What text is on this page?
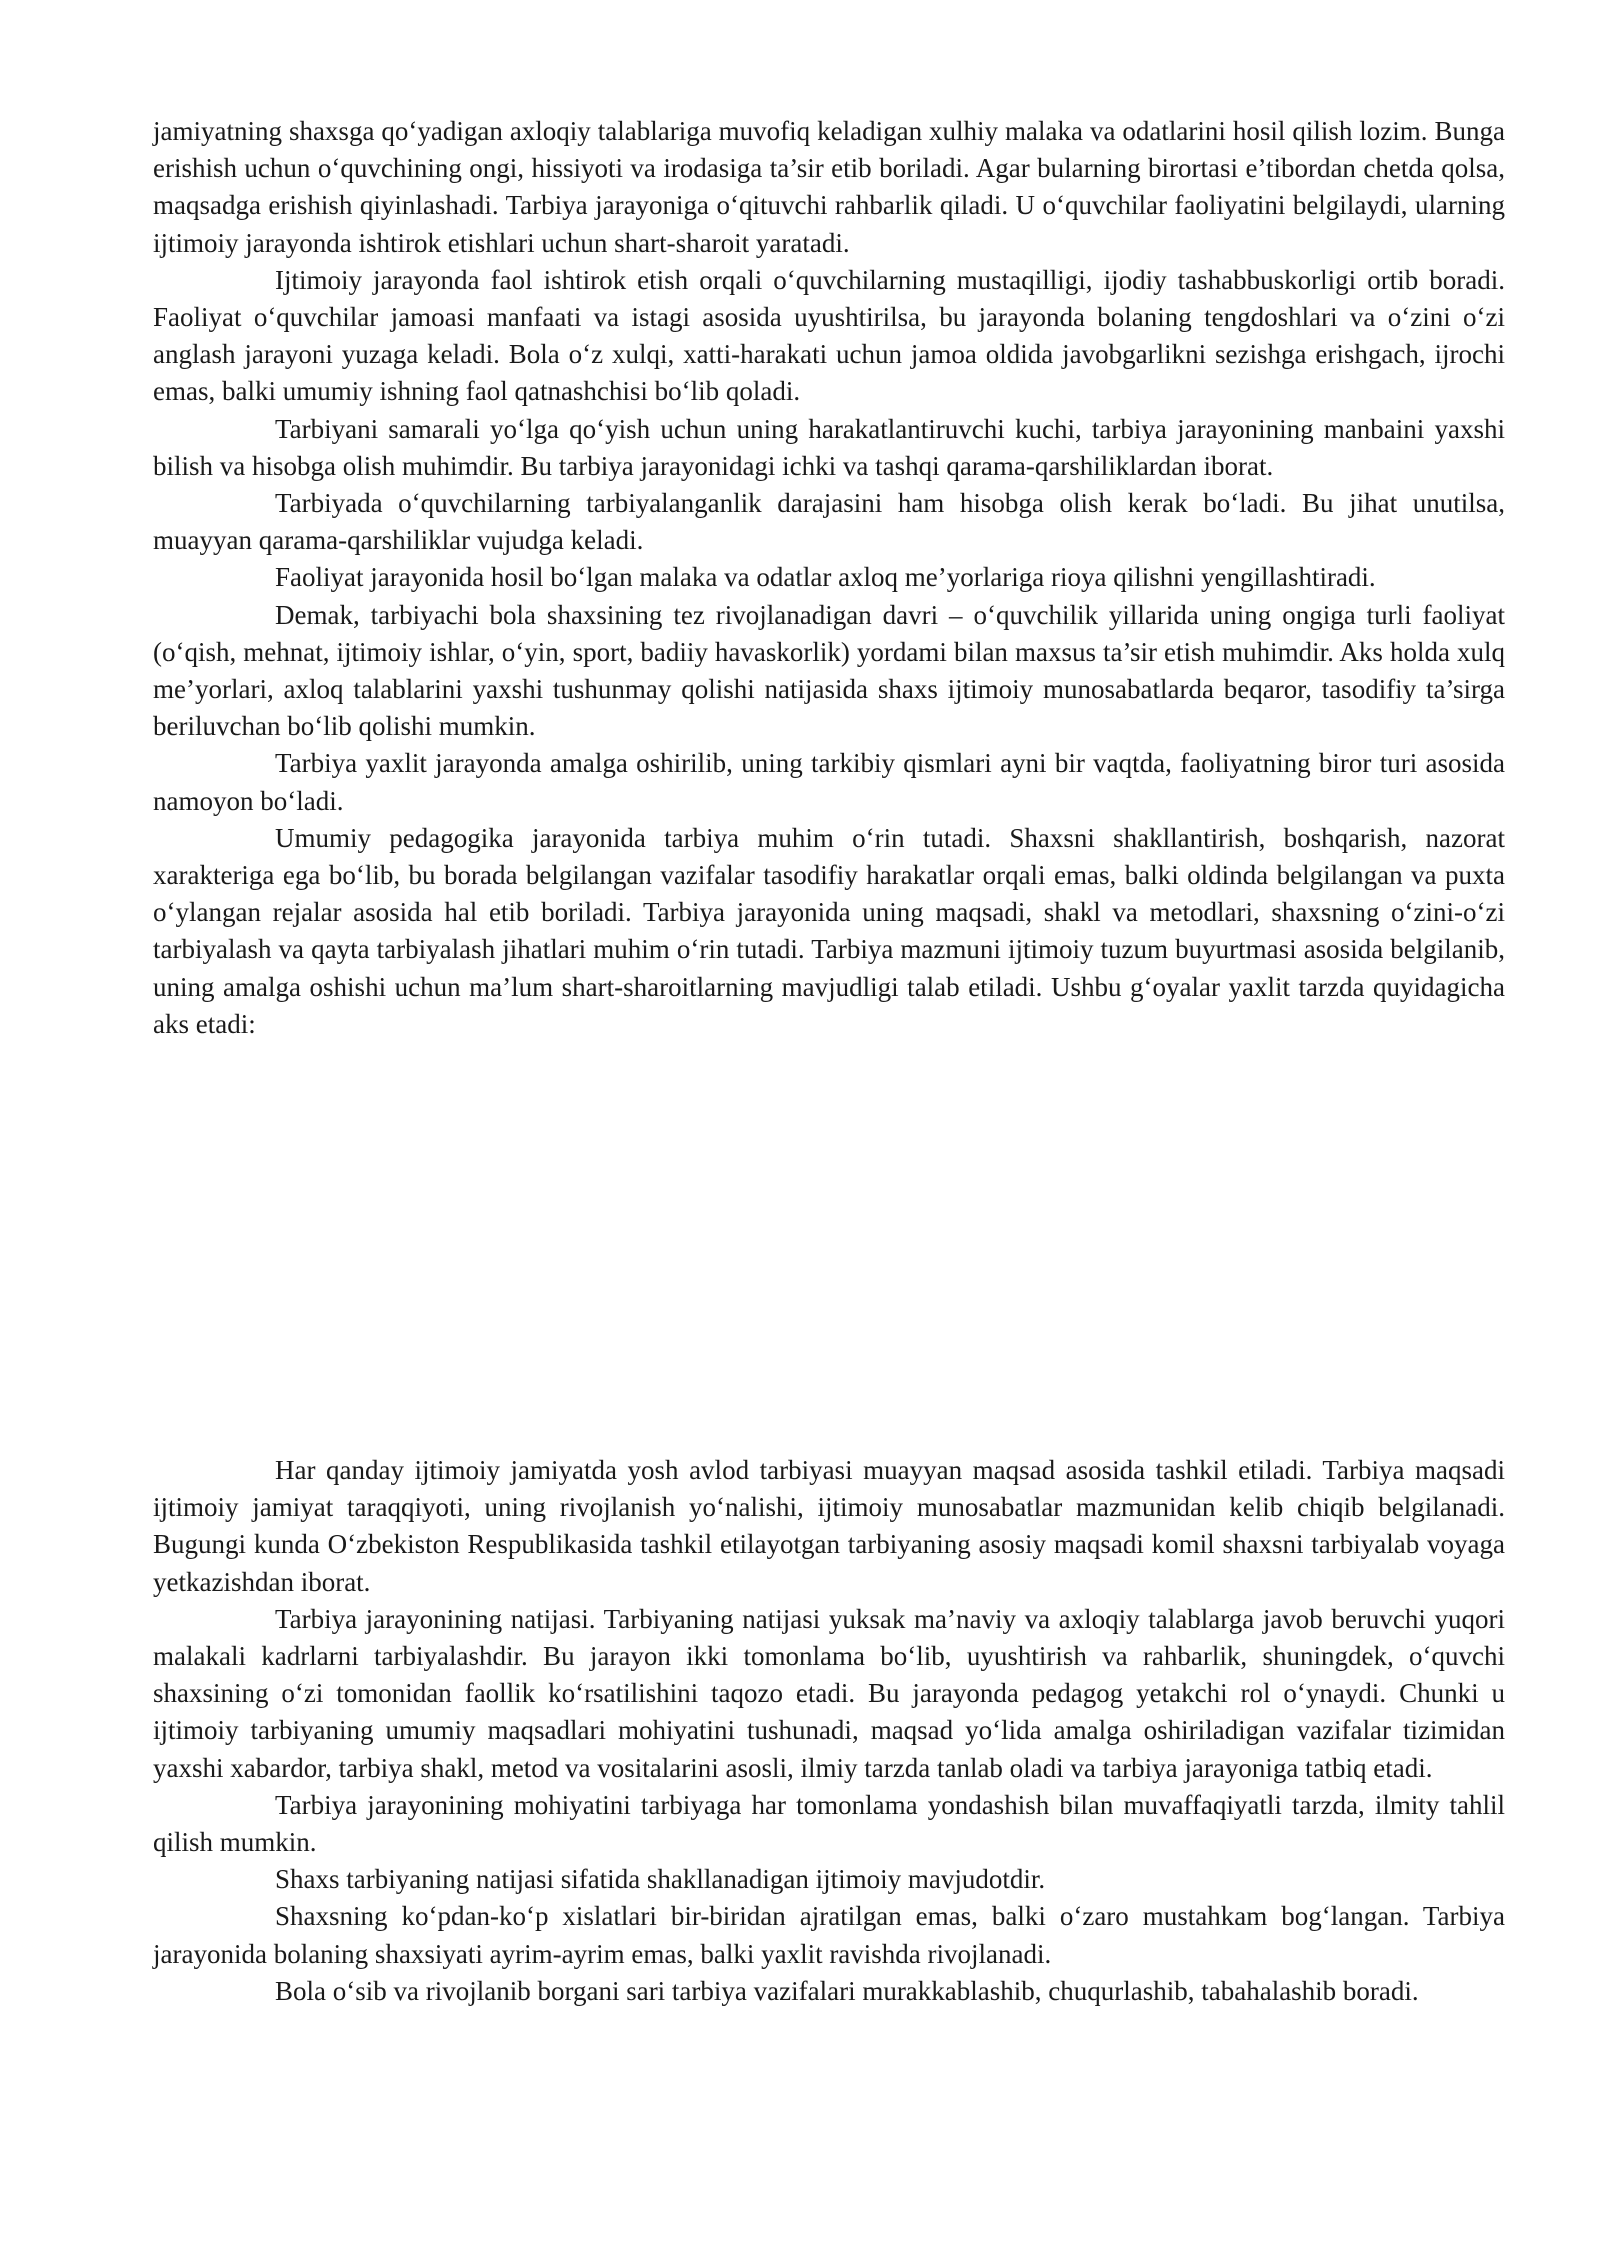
jamiyatning shaxsga qo‘yadigan axloqiy talablariga muvofiq keladigan xulhiy malaka va odatlarini hosil qilish lozim. Bunga erishish uchun o‘quvchining ongi, hissiyoti va irodasiga ta’sir etib boriladi. Agar bularning birortasi e’tibordan chetda qolsa, maqsadga erishish qiyinlashadi. Tarbiya jarayoniga o‘qituvchi rahbarlik qiladi. U o‘quvchilar faoliyatini belgilaydi, ularning ijtimoiy jarayonda ishtirok etishlari uchun shart-sharoit yaratadi.

Ijtimoiy jarayonda faol ishtirok etish orqali o‘quvchilarning mustaqilligi, ijodiy tashabbuskorligi ortib boradi. Faoliyat o‘quvchilar jamoasi manfaati va istagi asosida uyushtirilsa, bu jarayonda bolaning tengdoshlari va o‘zini o‘zi anglash jarayoni yuzaga keladi. Bola o‘z xulqi, xatti-harakati uchun jamoa oldida javobgarlikni sezishga erishgach, ijrochi emas, balki umumiy ishning faol qatnashchisi bo‘lib qoladi.

Tarbiyani samarali yo‘lga qo‘yish uchun uning harakatlantiruvchi kuchi, tarbiya jarayonining manbaini yaxshi bilish va hisobga olish muhimdir. Bu tarbiya jarayonidagi ichki va tashqi qarama-qarshiliklardan iborat.

Tarbiyada o‘quvchilarning tarbiyalanganlik darajasini ham hisobga olish kerak bo‘ladi. Bu jihat unutilsa, muayyan qarama-qarshiliklar vujudga keladi.

Faoliyat jarayonida hosil bo‘lgan malaka va odatlar axloq me’yorlariga rioya qilishni yengillashtiradi.

Demak, tarbiyachi bola shaxsining tez rivojlanadigan davri – o‘quvchilik yillarida uning ongiga turli faoliyat (o‘qish, mehnat, ijtimoiy ishlar, o‘yin, sport, badiiy havaskorlik) yordami bilan maxsus ta’sir etish muhimdir. Aks holda xulq me’yorlari, axloq talablarini yaxshi tushunmay qolishi natijasida shaxs ijtimoiy munosabatlarda beqaror, tasodifiy ta’sirga beriluvchan bo‘lib qolishi mumkin.

Tarbiya yaxlit jarayonda amalga oshirilib, uning tarkibiy qismlari ayni bir vaqtda, faoliyatning biror turi asosida namoyon bo‘ladi.

Umumiy pedagogika jarayonida tarbiya muhim o‘rin tutadi. Shaxsni shakllantirish, boshqarish, nazorat xarakteriga ega bo‘lib, bu borada belgilangan vazifalar tasodifiy harakatlar orqali emas, balki oldinda belgilangan va puxta o‘ylangan rejalar asosida hal etib boriladi. Tarbiya jarayonida uning maqsadi, shakl va metodlari, shaxsning o‘zini-o‘zi tarbiyalash va qayta tarbiyalash jihatlari muhim o‘rin tutadi. Tarbiya mazmuni ijtimoiy tuzum buyurtmasi asosida belgilanib, uning amalga oshishi uchun ma’lum shart-sharoitlarning mavjudligi talab etiladi. Ushbu g‘oyalar yaxlit tarzda quyidagicha aks etadi:

Har qanday ijtimoiy jamiyatda yosh avlod tarbiyasi muayyan maqsad asosida tashkil etiladi. Tarbiya maqsadi ijtimoiy jamiyat taraqqiyoti, uning rivojlanish yo‘nalishi, ijtimoiy munosabatlar mazmunidan kelib chiqib belgilanadi. Bugungi kunda O‘zbekiston Respublikasida tashkil etilayotgan tarbiyaning asosiy maqsadi komil shaxsni tarbiyalab voyaga yetkazishdan iborat.

Tarbiya jarayonining natijasi. Tarbiyaning natijasi yuksak ma’naviy va axloqiy talablarga javob beruvchi yuqori malakali kadrlarni tarbiyalashdir. Bu jarayon ikki tomonlama bo‘lib, uyushtirish va rahbarlik, shuningdek, o‘quvchi shaxsining o‘zi tomonidan faollik ko‘rsatilishini taqozo etadi. Bu jarayonda pedagog yetakchi rol o‘ynaydi. Chunki u ijtimoiy tarbiyaning umumiy maqsadlari mohiyatini tushunadi, maqsad yo‘lida amalga oshiriladigan vazifalar tizimidan yaxshi xabardor, tarbiya shakl, metod va vositalarini asosli, ilmiy tarzda tanlab oladi va tarbiya jarayoniga tatbiq etadi.

Tarbiya jarayonining mohiyatini tarbiyaga har tomonlama yondashish bilan muvaffaqiyatli tarzda, ilmity tahlil qilish mumkin.

Shaxs tarbiyaning natijasi sifatida shakllanadigan ijtimoiy mavjudotdir.

Shaxsning ko‘pdan-ko‘p xislatlari bir-biridan ajratilgan emas, balki o‘zaro mustahkam bog‘langan. Tarbiya jarayonida bolaning shaxsiyati ayrim-ayrim emas, balki yaxlit ravishda rivojlanadi.

Bola o‘sib va rivojlanib borgani sari tarbiya vazifalari murakkablashib, chuqurlashib, tabahalashib boradi.
